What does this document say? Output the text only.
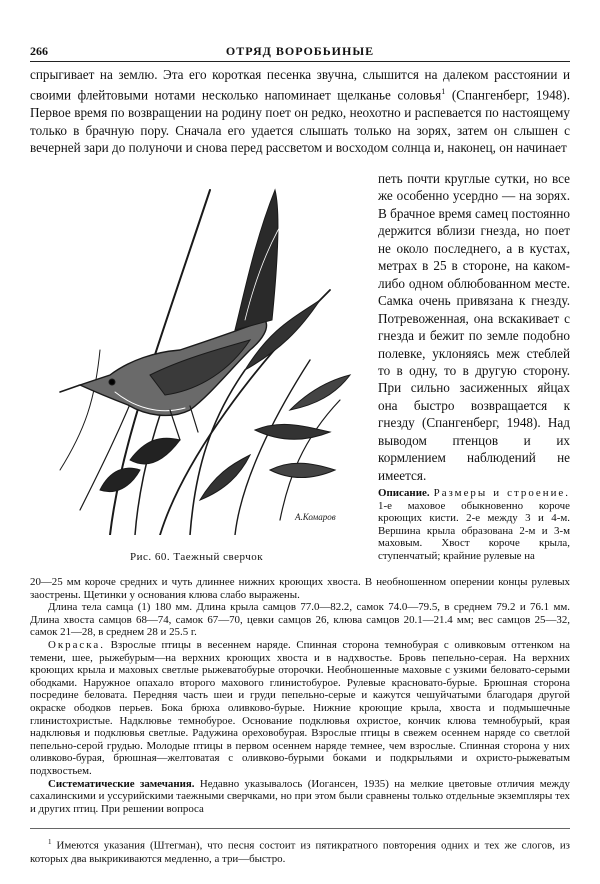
266	ОТРЯД ВОРОБЬИНЫЕ

спрыгивает на землю. Эта его короткая песенка звучна, слышится на далеком расстоянии и своими флейтовыми нотами несколько напоминает щелканье соловья$^1$ (Спангенберг, 1948). Первое время по возвращении на родину поет он редко, неохотно и распевается по настоящему только в брачную пору. Сначала его удается слышать только на зорях, затем он слышен с вечерней зари до полуночи и снова перед рассветом и восходом солнца и, наконец, он начинает

A.Комаров

петь почти круглые сутки, но все же особенно усердно — на зорях. В брачное время самец постоянно держится вблизи гнезда, но поет не около последнего, а в кустах, метрах в 25 в стороне, на каком-либо одном облюбованном месте. Самка очень привязана к гнезду. Потревоженная, она вскакивает с гнезда и бежит по земле подобно полевке, уклоняясь меж стеблей то в одну, то в другую сторону. При сильно засиженных яйцах она быстро возвращается к гнезду (Спангенберг, 1948). Над выводом птенцов и их кормлением наблюдений не имеется.

Рис. 60. Таежный сверчок

Описание. Размеры и строение. 1-е маховое обыкновенно короче кроющих кисти. 2-е между 3 и 4-м. Вершина крыла образована 2-м и 3-м маховым. Хвост короче крыла, ступенчатый; крайние рулевые на

20—25 мм короче средних и чуть длиннее нижних кроющих хвоста. В необношенном оперении концы рулевых заострены. Щетинки у основания клюва слабо выражены.

Длина тела самца (1) 180 мм. Длина крыла самцов 77.0—82.2, самок 74.0—79.5, в среднем 79.2 и 76.1 мм. Длина хвоста самцов 68—74, самок 67—70, цевки самцов 26, клюва самцов 20.1—21.4 мм; вес самцов 25—32, самок 21—28, в среднем 28 и 25.5 г.

Окраска. Взрослые птицы в весеннем наряде. Спинная сторона темнобурая с оливковым оттенком на темени, шее, рыжебурым—на верхних кроющих хвоста и в надхвостье. Бровь пепельно-серая. На верхних кроющих крыла и маховых светлые рыжеватобурые оторочки. Необношенные маховые с узкими беловато-серыми ободками. Наружное опахало второго махового глинистобурое. Рулевые красновато-бурые. Брюшная сторона посредине беловата. Передняя часть шеи и груди пепельно-серые и кажутся чешуйчатыми благодаря другой окраске ободков перьев. Бока брюха оливково-бурые. Нижние кроющие крыла, хвоста и подмышечные глинистохристые. Надклювье темнобурое. Основание подклювья охристое, кончик клюва темнобурый, края надклювья и подклювья светлые. Радужина ореховобурая. Взрослые птицы в свежем осеннем наряде со светлой пепельно-серой грудью. Молодые птицы в первом осеннем наряде темнее, чем взрослые. Спинная сторона у них оливково-бурая, брюшная—желтоватая с оливково-бурыми боками и подкрыльями и охристо-рыжеватым подхвостьем.

Систематические замечания. Недавно указывалось (Иогансен, 1935) на мелкие цветовые отличия между сахалинскими и уссурийскими таежными сверчками, но при этом были сравнены только отдельные экземпляры тех и других птиц. При решении вопроса

$^1$ Имеются указания (Штегман), что песня состоит из пятикратного повторения одних и тех же слогов, из которых два выкрикиваются медленно, а три—быстро.
